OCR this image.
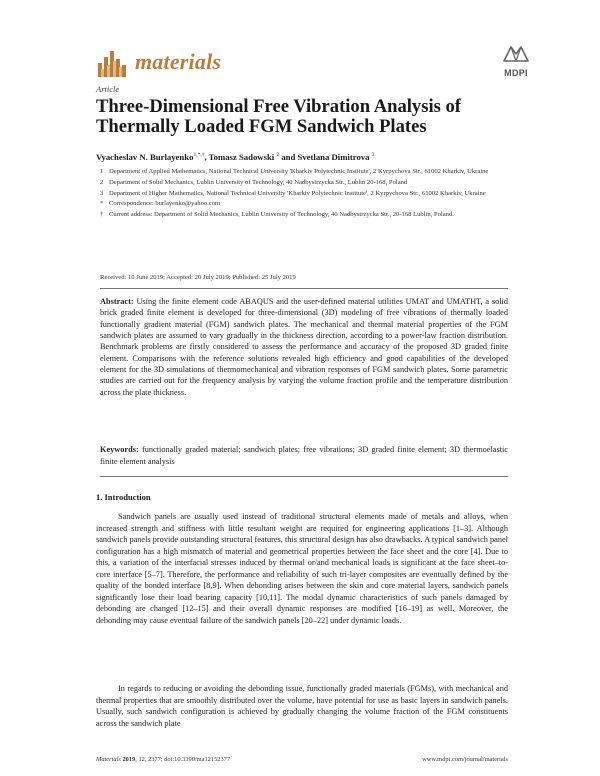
materials	MDPI
Article
Three-Dimensional Free Vibration Analysis of Thermally Loaded FGM Sandwich Plates
Vyacheslav N. Burlayenko$^{1,*,\dagger}$, Tomasz Sadowski $^2$ and Svetlana Dimitrova $^3$
1 Department of Applied Mathematics, National Technical University 'Kharkiv Polytechnic Institute', 2 Kyrpychova Str., 61002 Kharkiv, Ukraine
2 Department of Solid Mechanics, Lublin University of Technology, 40 Nadbystrzycka Str., Lublin 20-168, Poland
3 Department of Higher Mathematics, National Technical University 'Kharkiv Polytechnic Institute', 2 Kyrpychova Str., 61002 Kharkiv, Ukraine
* Correspondence: burlayenko@yahoo.com
† Current address: Department of Solid Mechanics, Lublin University of Technology, 40 Nadbystrzycka Str., 20-168 Lublin, Poland.
Received: 10 June 2019; Accepted: 20 July 2019; Published: 25 July 2019

Abstract: Using the finite element code ABAQUS and the user-defined material utilities UMAT and UMATHT, a solid brick graded finite element is developed for three-dimensional (3D) modeling of free vibrations of thermally loaded functionally gradient material (FGM) sandwich plates. The mechanical and thermal material properties of the FGM sandwich plates are assumed to vary gradually in the thickness direction, according to a power-law fraction distribution. Benchmark problems are firstly considered to assess the performance and accuracy of the proposed 3D graded finite element. Comparisons with the reference solutions revealed high efficiency and good capabilities of the developed element for the 3D simulations of thermomechanical and vibration responses of FGM sandwich plates. Some parametric studies are carried out for the frequency analysis by varying the volume fraction profile and the temperature distribution across the plate thickness.

Keywords: functionally graded material; sandwich plates; free vibrations; 3D graded finite element; 3D thermoelastic finite element analysis

1. Introduction

Sandwich panels are usually used instead of traditional structural elements made of metals and alloys, when increased strength and stiffness with little resultant weight are required for engineering applications [1–3]. Although sandwich panels provide outstanding structural features, this structural design has also drawbacks. A typical sandwich panel configuration has a high mismatch of material and geometrical properties between the face sheet and the core [4]. Due to this, a variation of the interfacial stresses induced by thermal or/and mechanical loads is significant at the face sheet–to-core interface [5–7]. Therefore, the performance and reliability of such tri-layer composites are eventually defined by the quality of the bonded interface [8,9]. When debonding arises between the skin and core material layers, sandwich panels significantly lose their load bearing capacity [10,11]. The modal dynamic characteristics of such panels damaged by debonding are changed [12–15] and their overall dynamic responses are modified [16–19] as well. Moreover, the debonding may cause eventual failure of the sandwich panels [20–22] under dynamic loads.

In regards to reducing or avoiding the debonding issue, functionally graded materials (FGMs), with mechanical and thermal properties that are smoothly distributed over the volume, have potential for use as basic layers in sandwich panels. Usually, such sandwich configuration is achieved by gradually changing the volume fraction of the FGM constituents across the sandwich plate

Materials 2019, 12, 2377; doi:10.3390/ma12152377	www.mdpi.com/journal/materials
